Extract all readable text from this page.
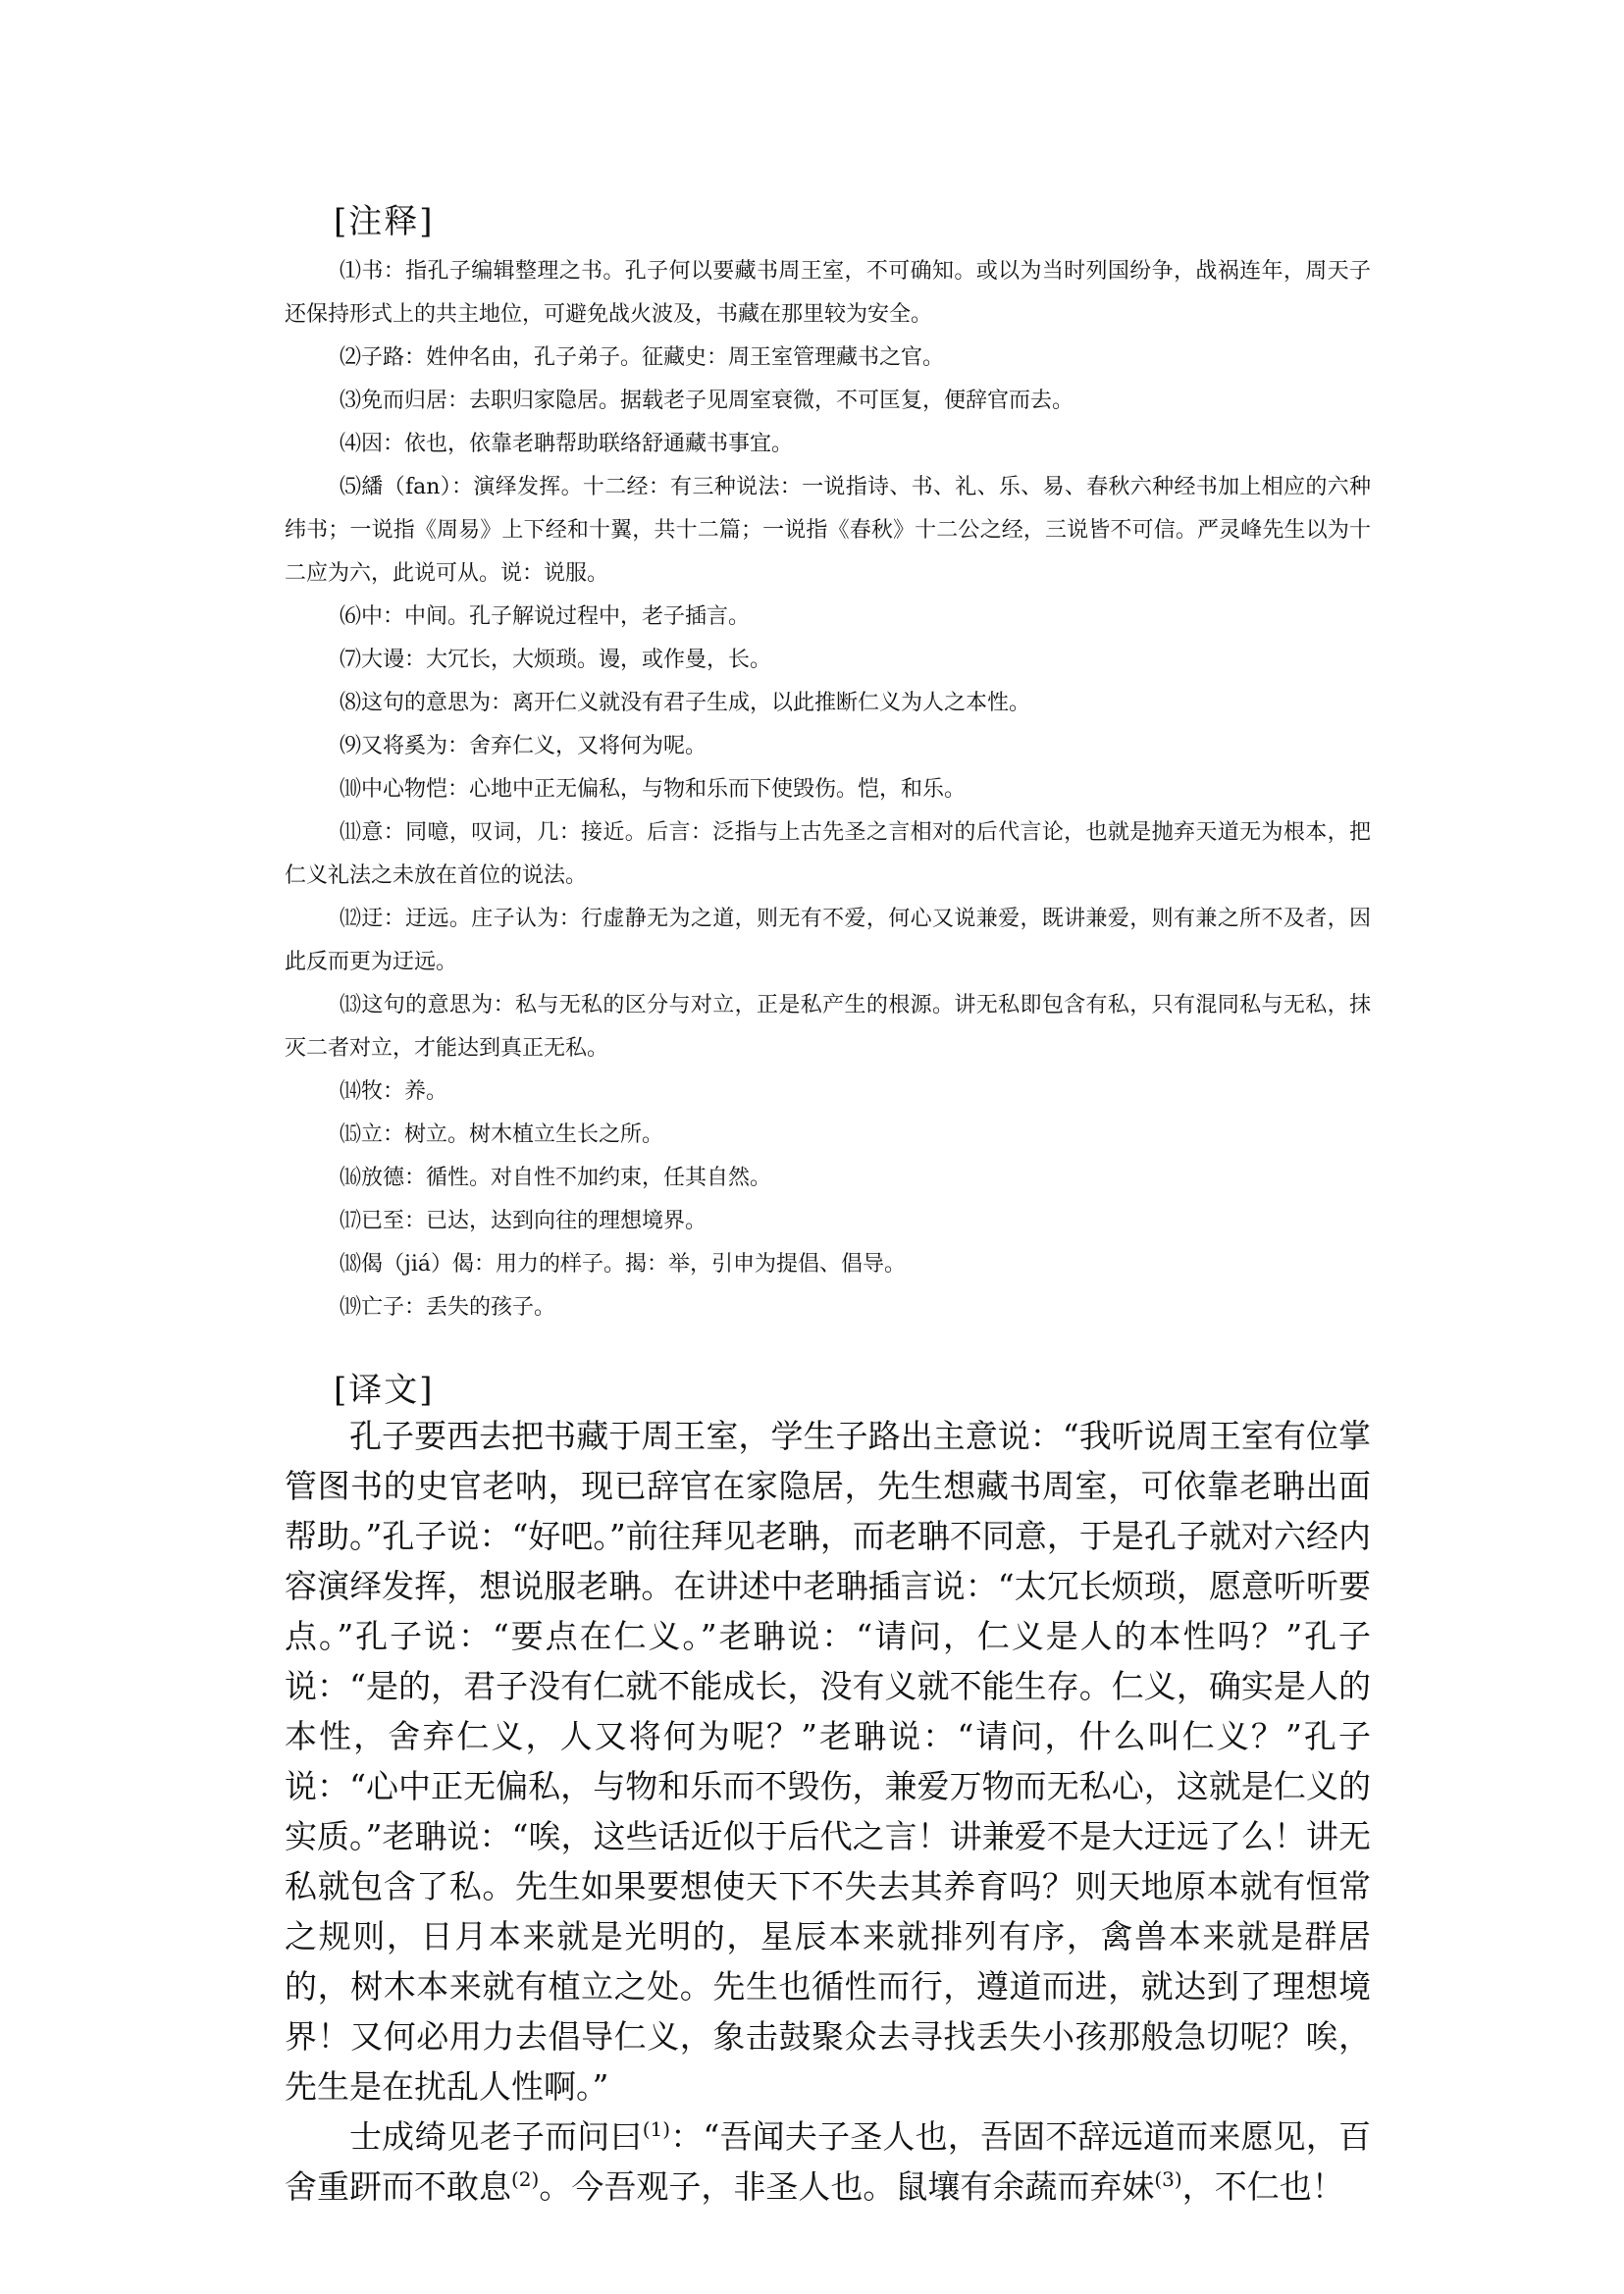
[注释]

⑴书：指孔子编辑整理之书。孔子何以要藏书周王室，不可确知。或以为当时列国纷争，战祸连年，周天子还保持形式上的共主地位，可避免战火波及，书藏在那里较为安全。

⑵子路：姓仲名由，孔子弟子。征藏史：周王室管理藏书之官。

⑶免而归居：去职归家隐居。据载老子见周室衰微，不可匡复，便辞官而去。

⑷因：依也，依靠老聃帮助联络舒通藏书事宜。

⑸繙（fan）：演绎发挥。十二经：有三种说法：一说指诗、书、礼、乐、易、春秋六种经书加上相应的六种纬书；一说指《周易》上下经和十翼，共十二篇；一说指《春秋》十二公之经，三说皆不可信。严灵峰先生以为十二应为六，此说可从。说：说服。

⑹中：中间。孔子解说过程中，老子插言。

⑺大谩：大冗长，大烦琐。谩，或作曼，长。

⑻这句的意思为：离开仁义就没有君子生成，以此推断仁义为人之本性。

⑼又将奚为：舍弃仁义，又将何为呢。

⑽中心物恺：心地中正无偏私，与物和乐而下使毁伤。恺，和乐。

⑾意：同噫，叹词，几：接近。后言：泛指与上古先圣之言相对的后代言论，也就是抛弃天道无为根本，把仁义礼法之未放在首位的说法。

⑿迂：迂远。庄子认为：行虚静无为之道，则无有不爱，何心又说兼爱，既讲兼爱，则有兼之所不及者，因此反而更为迂远。

⒀这句的意思为：私与无私的区分与对立，正是私产生的根源。讲无私即包含有私，只有混同私与无私，抹灭二者对立，才能达到真正无私。

⒁牧：养。

⒂立：树立。树木植立生长之所。

⒃放德：循性。对自性不加约束，任其自然。

⒄已至：已达，达到向往的理想境界。

⒅偈（jiá）偈：用力的样子。揭：举，引申为提倡、倡导。

⒆亡子：丢失的孩子。

[译文]

孔子要西去把书藏于周王室，学生子路出主意说：“我听说周王室有位掌管图书的史官老呐，现已辞官在家隐居，先生想藏书周室，可依靠老聃出面帮助。”孔子说：“好吧。”前往拜见老聃，而老聃不同意，于是孔子就对六经内容演绎发挥，想说服老聃。在讲述中老聃插言说：“太冗长烦琐，愿意听听要点。”孔子说：“要点在仁义。”老聃说：“请问，仁义是人的本性吗？”孔子说：“是的，君子没有仁就不能成长，没有义就不能生存。仁义，确实是人的本性，舍弃仁义，人又将何为呢？”老聃说：“请问，什么叫仁义？”孔子说：“心中正无偏私，与物和乐而不毁伤，兼爱万物而无私心，这就是仁义的实质。”老聃说：“唉，这些话近似于后代之言！讲兼爱不是大迂远了么！讲无私就包含了私。先生如果要想使天下不失去其养育吗？则天地原本就有恒常之规则，日月本来就是光明的，星辰本来就排列有序，禽兽本来就是群居的，树木本来就有植立之处。先生也循性而行，遵道而进，就达到了理想境界！又何必用力去倡导仁义，象击鼓聚众去寻找丢失小孩那般急切呢？唉，先生是在扰乱人性啊。”

士成绮见老子而问曰$^{(1)}$：“吾闻夫子圣人也，吾固不辞远道而来愿见，百舍重趼而不敢息$^{(2)}$。今吾观子，非圣人也。鼠壤有余蔬而弃妹$^{(3)}$，不仁也！
